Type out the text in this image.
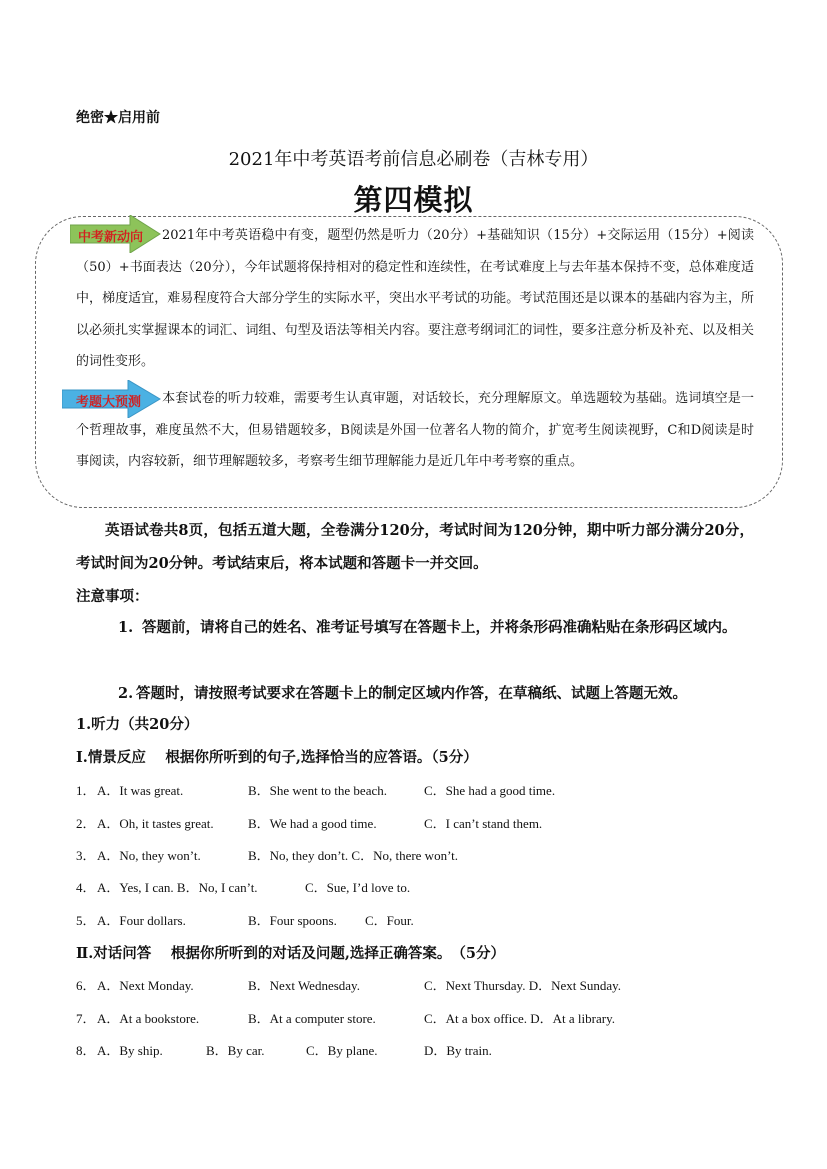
绝密★启用前
2021年中考英语考前信息必刷卷（吉林专用）
第四模拟
中考新动向
考题大预测

2021年中考英语稳中有变，题型仍然是听力（20分）+基础知识（15分）+交际运用（15分）+阅读（50）+书面表达（20分），今年试题将保持相对的稳定性和连续性，在考试难度上与去年基本保持不变，总体难度适中，梯度适宜，难易程度符合大部分学生的实际水平，突出水平考试的功能。考试范围还是以课本的基础内容为主，所以必须扎实掌握课本的词汇、词组、句型及语法等相关内容。要注意考纲词汇的词性，要多注意分析及补充、以及相关的词性变形。

本套试卷的听力较难，需要考生认真审题，对话较长，充分理解原文。单选题较为基础。选词填空是一个哲理故事，难度虽然不大，但易错题较多，B阅读是外国一位著名人物的简介，扩宽考生阅读视野，C和D阅读是时事阅读，内容较新，细节理解题较多，考察考生细节理解能力是近几年中考考察的重点。

英语试卷共8页，包括五道大题，全卷满分120分，考试时间为120分钟，期中听力部分满分20分，考试时间为20分钟。考试结束后，将本试题和答题卡一并交回。

注意事项：
1. 答题前，请将自己的姓名、准考证号填写在答题卡上，并将条形码准确粘贴在条形码区域内。
2. 答题时，请按照考试要求在答题卡上的制定区域内作答，在草稿纸、试题上答题无效。
1.听力（共20分）
Ⅰ.情景反应　 根据你所听到的句子,选择恰当的应答语。（5分）
1． A．It was great.	B．She went to the beach.	C．She had a good time.
2． A．Oh, it tastes great.	B．We had a good time.	C．I can’t stand them.
3． A．No, they won’t.	B．No, they don’t. C．No, there won’t.
4． A．Yes, I can. B．No, I can’t.	C．Sue, I’d love to.
5． A．Four dollars.	B．Four spoons. C．Four.
Ⅱ.对话问答　 根据你所听到的对话及问题,选择正确答案。　（5分）
6． A．Next Monday.	B．Next Wednesday.	C．Next Thursday. D．Next Sunday.
7． A．At a bookstore.	B．At a computer store.	C．At a box office. D．At a library.
8． A．By ship.	B．By car.	C．By plane.	D．By train.
